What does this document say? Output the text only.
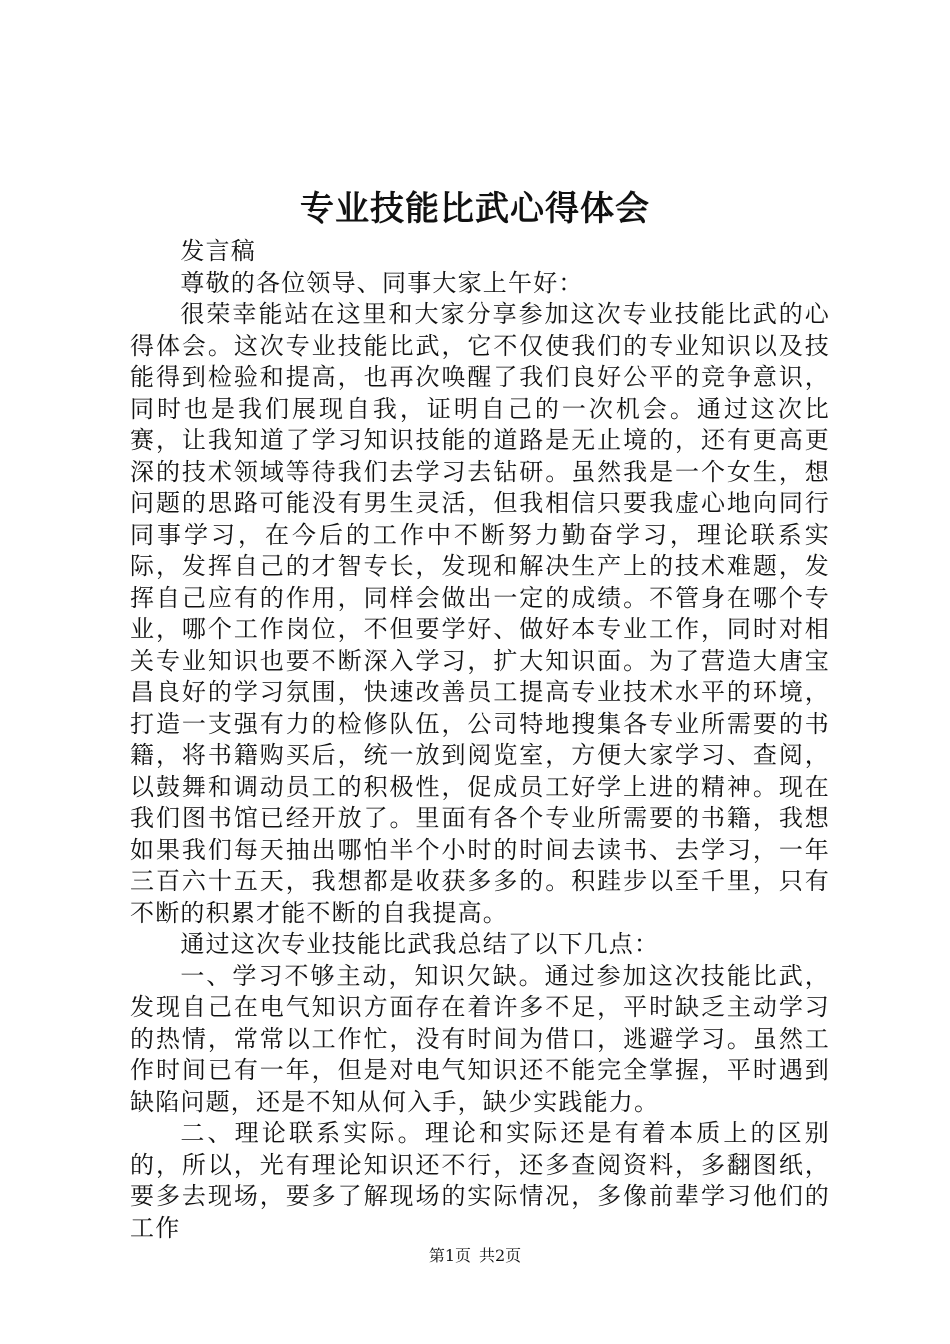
专业技能比武心得体会

发言稿

尊敬的各位领导、同事大家上午好：

很荣幸能站在这里和大家分享参加这次专业技能比武的心得体会。这次专业技能比武，它不仅使我们的专业知识以及技能得到检验和提高，也再次唤醒了我们良好公平的竞争意识，同时也是我们展现自我，证明自己的一次机会。通过这次比赛，让我知道了学习知识技能的道路是无止境的，还有更高更深的技术领域等待我们去学习去钻研。虽然我是一个女生，想问题的思路可能没有男生灵活，但我相信只要我虚心地向同行同事学习，在今后的工作中不断努力勤奋学习，理论联系实际，发挥自己的才智专长，发现和解决生产上的技术难题，发挥自己应有的作用，同样会做出一定的成绩。不管身在哪个专业，哪个工作岗位，不但要学好、做好本专业工作，同时对相关专业知识也要不断深入学习，扩大知识面。为了营造大唐宝昌良好的学习氛围，快速改善员工提高专业技术水平的环境，打造一支强有力的检修队伍，公司特地搜集各专业所需要的书籍，将书籍购买后，统一放到阅览室，方便大家学习、查阅，以鼓舞和调动员工的积极性，促成员工好学上进的精神。现在我们图书馆已经开放了。里面有各个专业所需要的书籍，我想如果我们每天抽出哪怕半个小时的时间去读书、去学习，一年三百六十五天，我想都是收获多多的。积跬步以至千里，只有不断的积累才能不断的自我提高。

通过这次专业技能比武我总结了以下几点：

一、学习不够主动，知识欠缺。通过参加这次技能比武，发现自己在电气知识方面存在着许多不足，平时缺乏主动学习的热情，常常以工作忙，没有时间为借口，逃避学习。虽然工作时间已有一年，但是对电气知识还不能完全掌握，平时遇到缺陷问题，还是不知从何入手，缺少实践能力。

二、理论联系实际。理论和实际还是有着本质上的区别的，所以，光有理论知识还不行，还多查阅资料，多翻图纸，要多去现场，要多了解现场的实际情况，多像前辈学习他们的工作

第1页 共2页
